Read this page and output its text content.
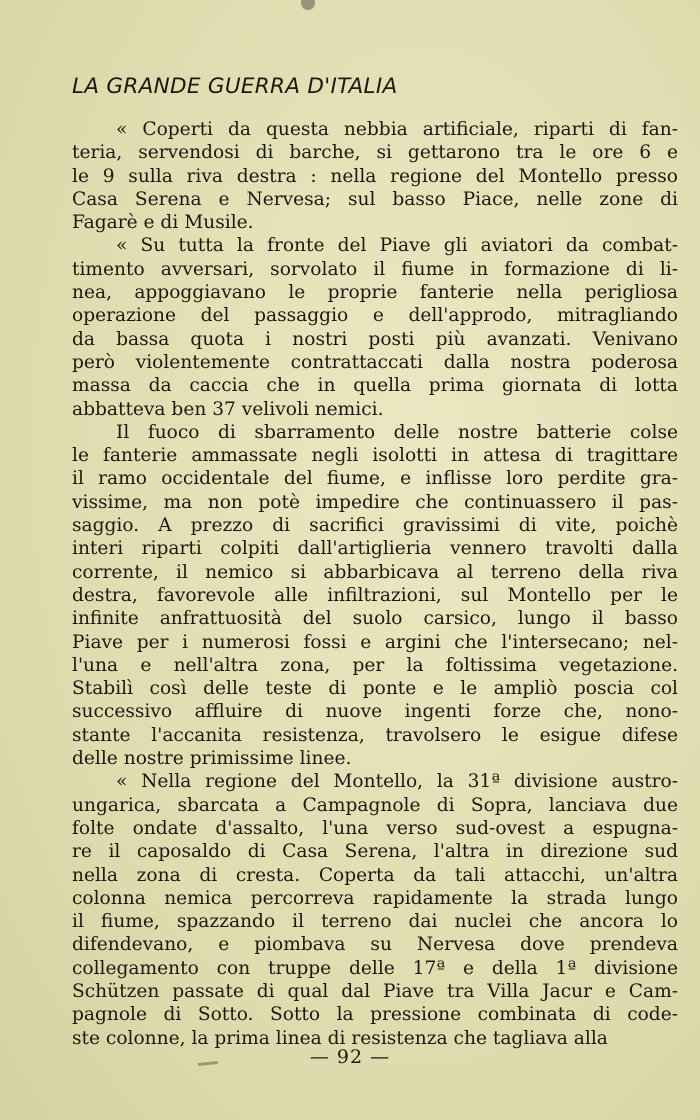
LA GRANDE GUERRA D'ITALIA
« Coperti da questa nebbia artificiale, riparti di fan-
teria, servendosi di barche, si gettarono tra le ore 6 e
le 9 sulla riva destra : nella regione del Montello presso
Casa Serena e Nervesa; sul basso Piace, nelle zone di
Fagarè e di Musile.
« Su tutta la fronte del Piave gli aviatori da combat-
timento avversari, sorvolato il fiume in formazione di li-
nea, appoggiavano le proprie fanterie nella perigliosa
operazione del passaggio e dell'approdo, mitragliando
da bassa quota i nostri posti più avanzati. Venivano
però violentemente contrattaccati dalla nostra poderosa
massa da caccia che in quella prima giornata di lotta
abbatteva ben 37 velivoli nemici.
Il fuoco di sbarramento delle nostre batterie colse
le fanterie ammassate negli isolotti in attesa di tragittare
il ramo occidentale del fiume, e inflisse loro perdite gra-
vissime, ma non potè impedire che continuassero il pas-
saggio. A prezzo di sacrifici gravissimi di vite, poichè
interi riparti colpiti dall'artiglieria vennero travolti dalla
corrente, il nemico si abbarbicava al terreno della riva
destra, favorevole alle infiltrazioni, sul Montello per le
infinite anfrattuosità del suolo carsico, lungo il basso
Piave per i numerosi fossi e argini che l'intersecano; nel-
l'una e nell'altra zona, per la foltissima vegetazione.
Stabilì così delle teste di ponte e le ampliò poscia col
successivo affluire di nuove ingenti forze che, nono-
stante l'accanita resistenza, travolsero le esigue difese
delle nostre primissime linee.
« Nella regione del Montello, la 31ª divisione austro-
ungarica, sbarcata a Campagnole di Sopra, lanciava due
folte ondate d'assalto, l'una verso sud-ovest a espugna-
re il caposaldo di Casa Serena, l'altra in direzione sud
nella zona di cresta. Coperta da tali attacchi, un'altra
colonna nemica percorreva rapidamente la strada lungo
il fiume, spazzando il terreno dai nuclei che ancora lo
difendevano, e piombava su Nervesa dove prendeva
collegamento con truppe delle 17ª e della 1ª divisione
Schützen passate di qual dal Piave tra Villa Jacur e Cam-
pagnole di Sotto. Sotto la pressione combinata di code-
ste colonne, la prima linea di resistenza che tagliava alla
— 92 —
